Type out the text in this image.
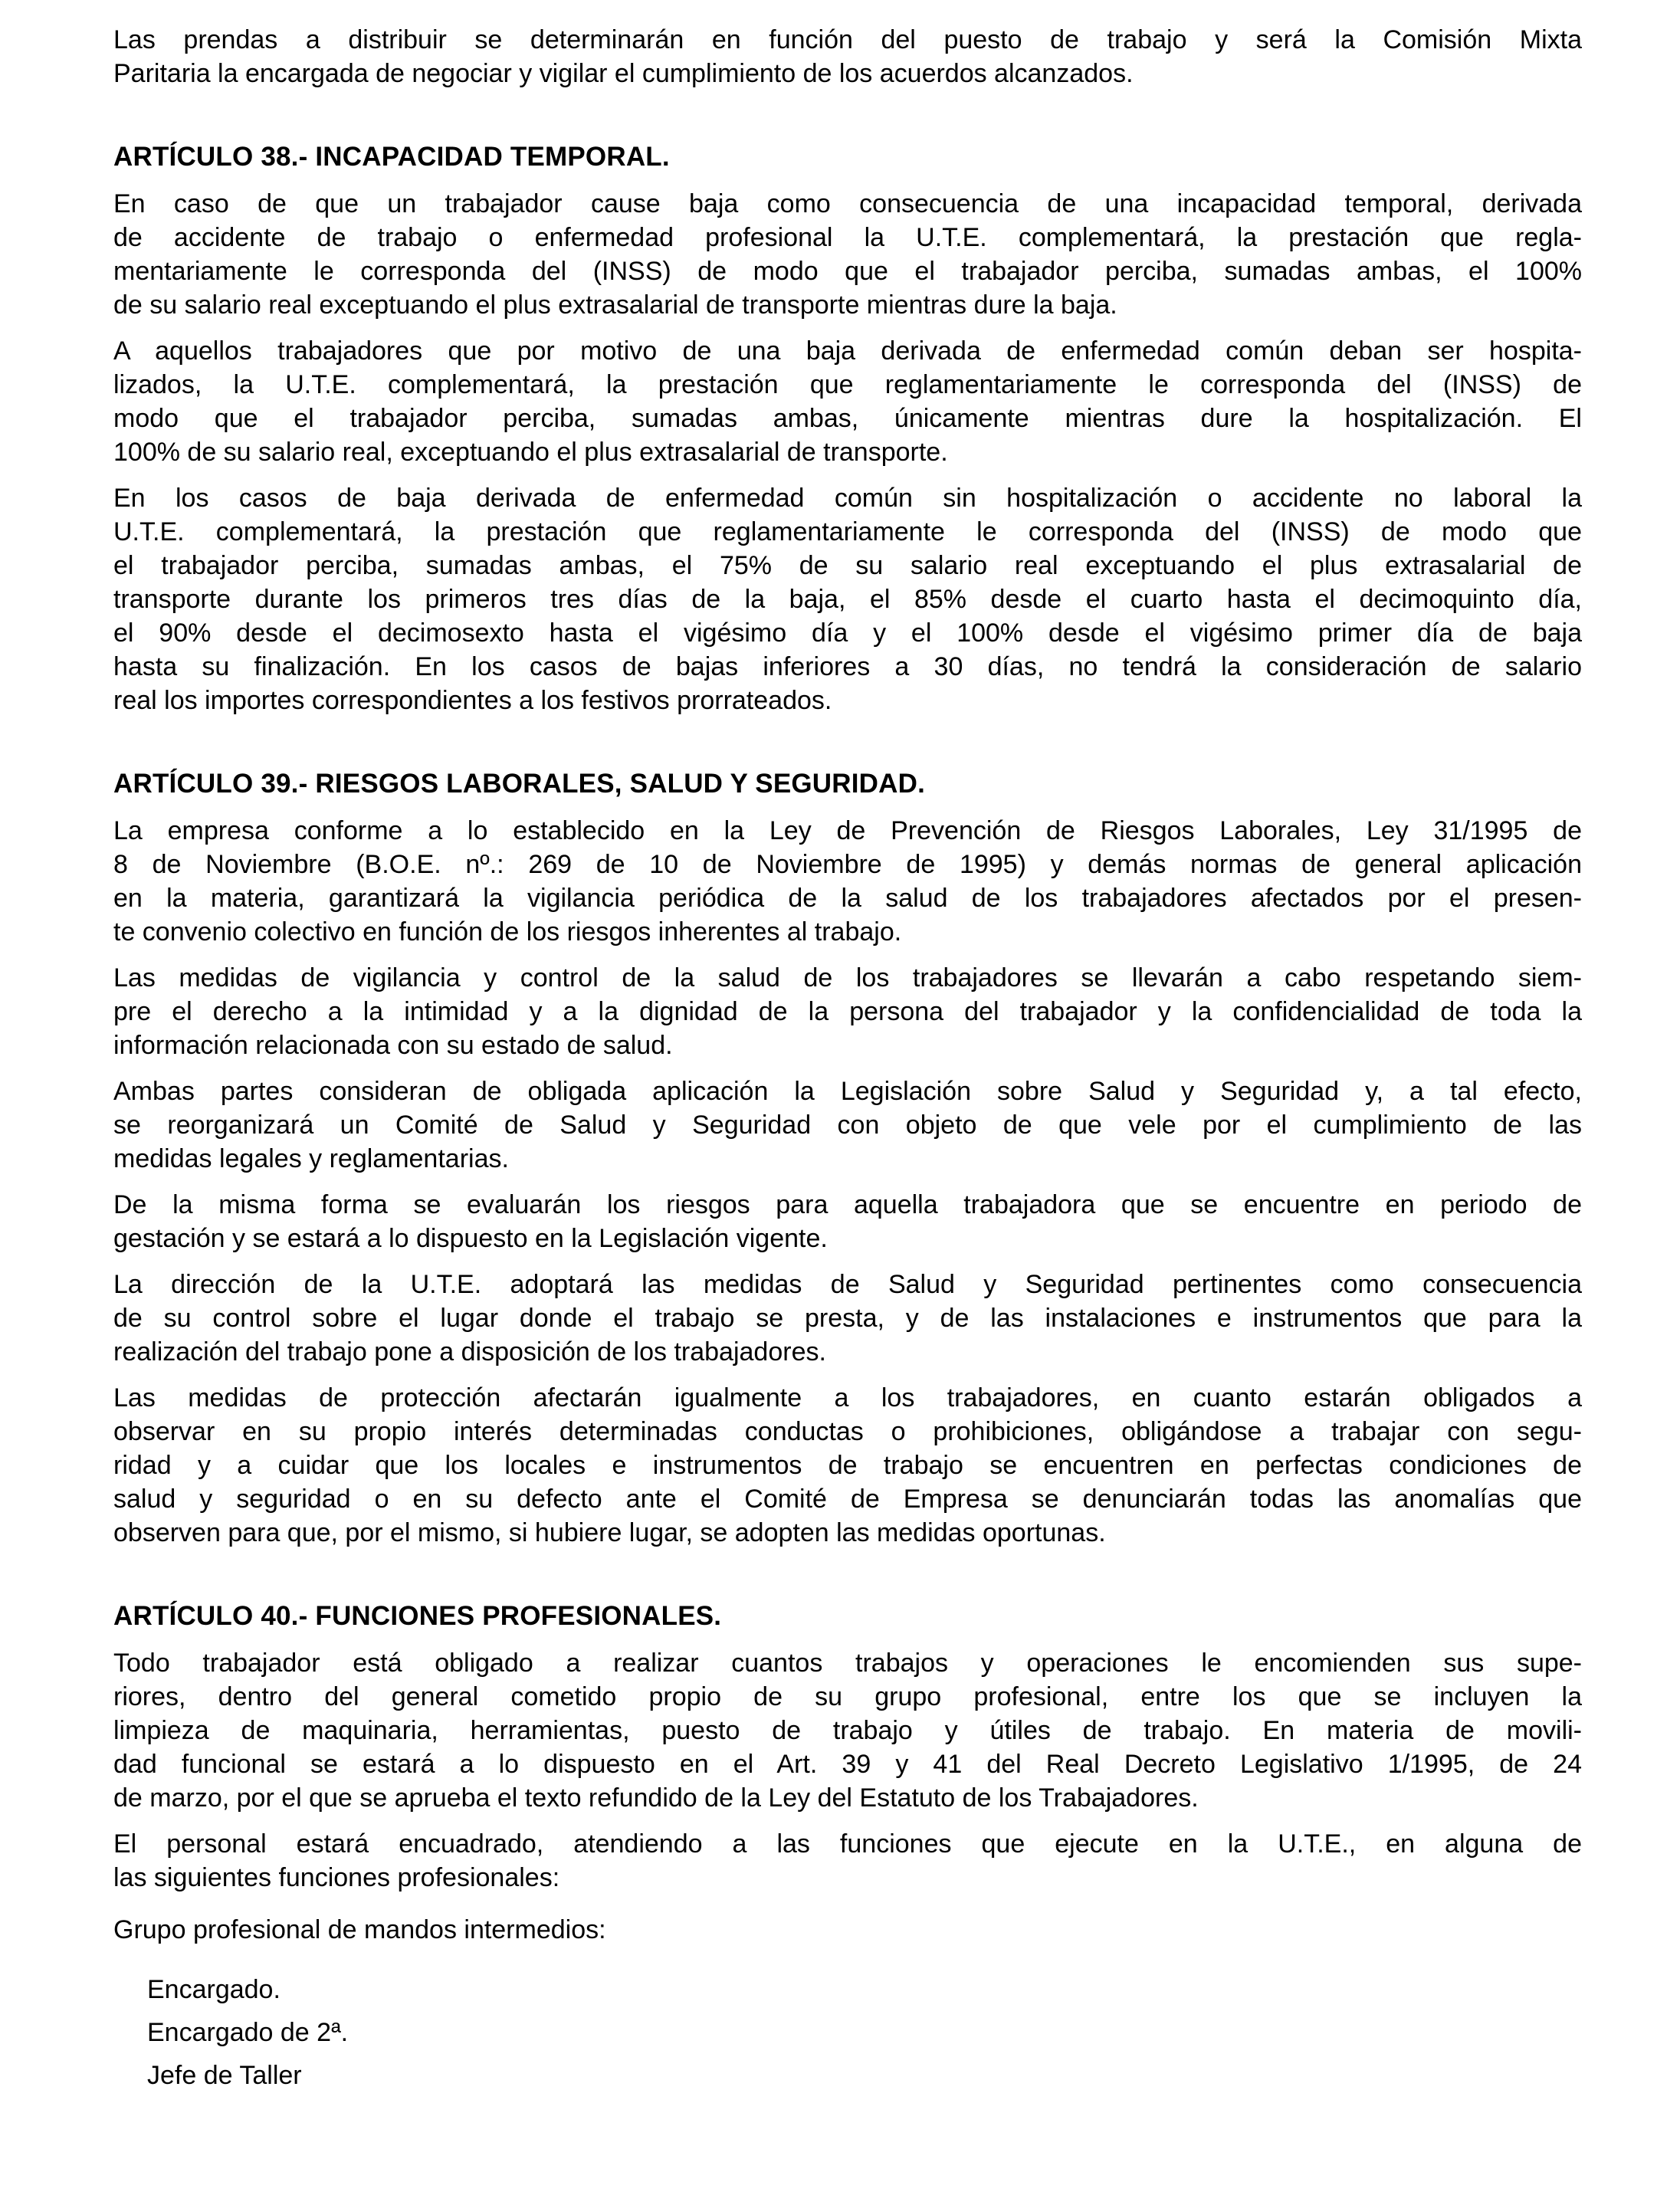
Las prendas a distribuir se determinarán en función del puesto de trabajo y será la Comisión Mixta
Paritaria la encargada de negociar y vigilar el cumplimiento de los acuerdos alcanzados.
ARTÍCULO 38.- INCAPACIDAD TEMPORAL.
En caso de que un trabajador cause baja como consecuencia de una incapacidad temporal, derivada
de accidente de trabajo o enfermedad profesional la U.T.E. complementará, la prestación que regla-
mentariamente le corresponda del (INSS) de modo que el trabajador perciba, sumadas ambas, el 100%
de su salario real exceptuando el plus extrasalarial de transporte mientras dure la baja.
A aquellos trabajadores que por motivo de una baja derivada de enfermedad común deban ser hospita-
lizados, la U.T.E. complementará, la prestación que reglamentariamente le corresponda del (INSS) de
modo que el trabajador perciba, sumadas ambas, únicamente mientras dure la hospitalización. El
100% de su salario real, exceptuando el plus extrasalarial de transporte.
En los casos de baja derivada de enfermedad común sin hospitalización o accidente no laboral la
U.T.E. complementará, la prestación que reglamentariamente le corresponda del (INSS) de modo que
el trabajador perciba, sumadas ambas, el 75% de su salario real exceptuando el plus extrasalarial de
transporte durante los primeros tres días de la baja, el 85% desde el cuarto hasta el decimoquinto día,
el 90% desde el decimosexto hasta el vigésimo día y el 100% desde el vigésimo primer día de baja
hasta su finalización. En los casos de bajas inferiores a 30 días, no tendrá la consideración de salario
real los importes correspondientes a los festivos prorrateados.
ARTÍCULO 39.- RIESGOS LABORALES, SALUD Y SEGURIDAD.
La empresa conforme a lo establecido en la Ley de Prevención de Riesgos Laborales, Ley 31/1995 de
8 de Noviembre (B.O.E. nº.: 269 de 10 de Noviembre de 1995) y demás normas de general aplicación
en la materia, garantizará la vigilancia periódica de la salud de los trabajadores afectados por el presen-
te convenio colectivo en función de los riesgos inherentes al trabajo.
Las medidas de vigilancia y control de la salud de los trabajadores se llevarán a cabo respetando siem-
pre el derecho a la intimidad y a la dignidad de la persona del trabajador y la confidencialidad de toda la
información relacionada con su estado de salud.
Ambas partes consideran de obligada aplicación la Legislación sobre Salud y Seguridad y, a tal efecto,
se reorganizará un Comité de Salud y Seguridad con objeto de que vele por el cumplimiento de las
medidas legales y reglamentarias.
De la misma forma se evaluarán los riesgos para aquella trabajadora que se encuentre en periodo de
gestación y se estará a lo dispuesto en la Legislación vigente.
La dirección de la U.T.E. adoptará las medidas de Salud y Seguridad pertinentes como consecuencia
de su control sobre el lugar donde el trabajo se presta, y de las instalaciones e instrumentos que para la
realización del trabajo pone a disposición de los trabajadores.
Las medidas de protección afectarán igualmente a los trabajadores, en cuanto estarán obligados a
observar en su propio interés determinadas conductas o prohibiciones, obligándose a trabajar con segu-
ridad y a cuidar que los locales e instrumentos de trabajo se encuentren en perfectas condiciones de
salud y seguridad o en su defecto ante el Comité de Empresa se denunciarán todas las anomalías que
observen para que, por el mismo, si hubiere lugar, se adopten las medidas oportunas.
ARTÍCULO 40.- FUNCIONES PROFESIONALES.
Todo trabajador está obligado a realizar cuantos trabajos y operaciones le encomienden sus supe-
riores, dentro del general cometido propio de su grupo profesional, entre los que se incluyen la
limpieza de maquinaria, herramientas, puesto de trabajo y útiles de trabajo. En materia de movili-
dad funcional se estará a lo dispuesto en el Art. 39 y 41 del Real Decreto Legislativo 1/1995, de 24
de marzo, por el que se aprueba el texto refundido de la Ley del Estatuto de los Trabajadores.
El personal estará encuadrado, atendiendo a las funciones que ejecute en la U.T.E., en alguna de
las siguientes funciones profesionales:
Grupo profesional de mandos intermedios:
Encargado.
Encargado de 2ª.
Jefe de Taller
